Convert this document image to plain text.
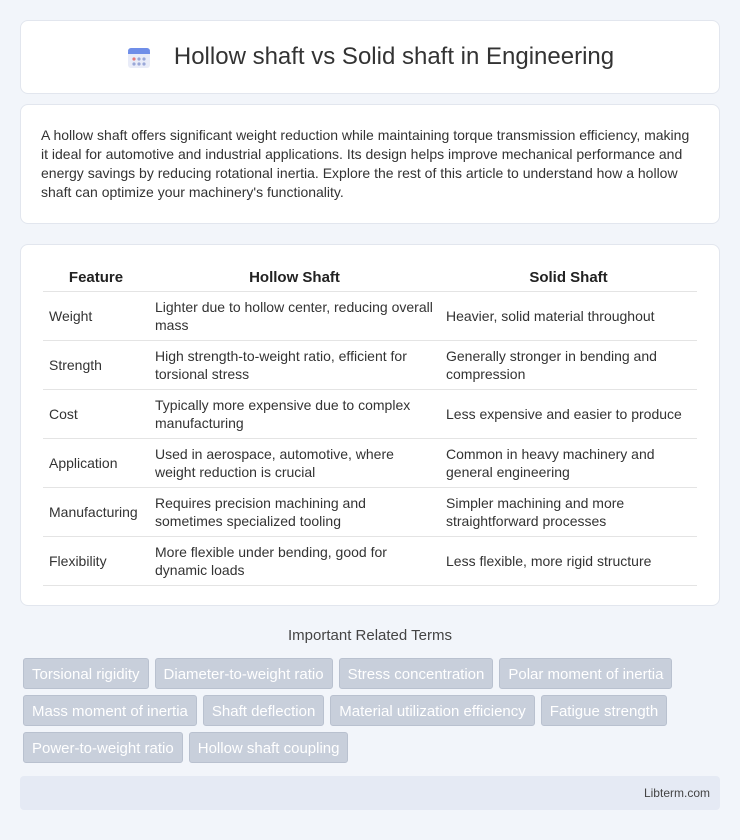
Hollow shaft vs Solid shaft in Engineering

A hollow shaft offers significant weight reduction while maintaining torque transmission efficiency, making it ideal for automotive and industrial applications. Its design helps improve mechanical performance and energy savings by reducing rotational inertia. Explore the rest of this article to understand how a hollow shaft can optimize your machinery's functionality.

Feature	Hollow Shaft	Solid Shaft
Weight	Lighter due to hollow center, reducing overall mass	Heavier, solid material throughout
Strength	High strength-to-weight ratio, efficient for torsional stress	Generally stronger in bending and compression
Cost	Typically more expensive due to complex manufacturing	Less expensive and easier to produce
Application	Used in aerospace, automotive, where weight reduction is crucial	Common in heavy machinery and general engineering
Manufacturing	Requires precision machining and sometimes specialized tooling	Simpler machining and more straightforward processes
Flexibility	More flexible under bending, good for dynamic loads	Less flexible, more rigid structure
Important Related Terms
Torsional rigidity	Diameter-to-weight ratio	Stress concentration	Polar moment of inertia
Mass moment of inertia	Shaft deflection	Material utilization efficiency	Fatigue strength
Power-to-weight ratio	Hollow shaft coupling
Libterm.com
